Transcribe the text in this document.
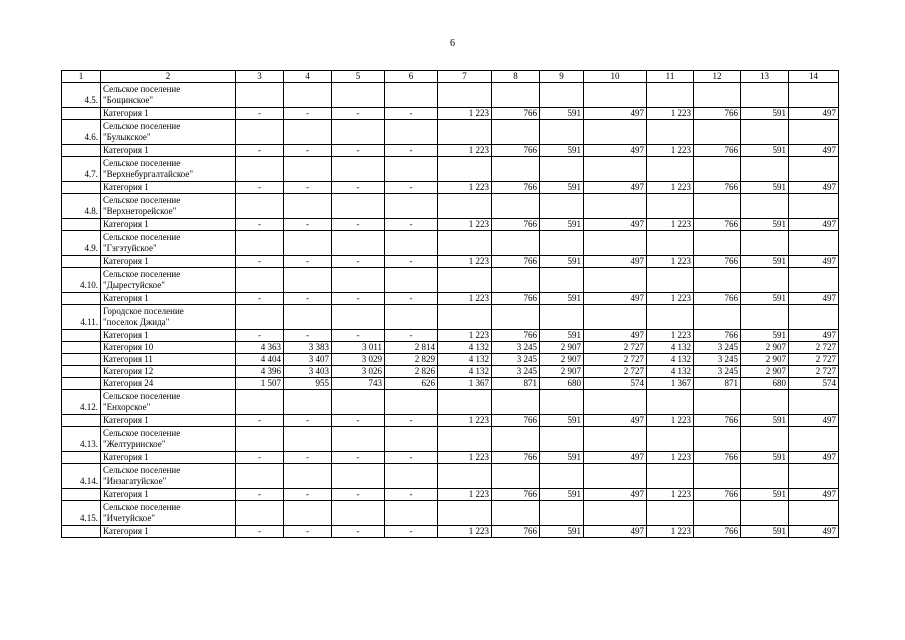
6
1	2	3	4	5	6	7	8	9	10	11	12	13	14
4.5.	Сельское поселение
"Бощинское"												

	Категория 1	-	-	-	-	1 223	766	591	497	1 223	766	591	497
4.6.	Сельское поселение
"Булыкское"												

	Категория 1	-	-	-	-	1 223	766	591	497	1 223	766	591	497
4.7.	Сельское поселение
"Верхнебургалтайское"												

	Категория 1	-	-	-	-	1 223	766	591	497	1 223	766	591	497
4.8.	Сельское поселение
"Верхнеторейское"												

	Категория 1	-	-	-	-	1 223	766	591	497	1 223	766	591	497
4.9.	Сельское поселение
"Гэгэтуйское"												

	Категория 1	-	-	-	-	1 223	766	591	497	1 223	766	591	497
4.10.	Сельское поселение
"Дырестуйское"												

	Категория 1	-	-	-	-	1 223	766	591	497	1 223	766	591	497
4.11.	Городское поселение
"поселок Джида"												

	Категория 1	-	-	-	-	1 223	766	591	497	1 223	766	591	497
	Категория 10	4 363	3 383	3 011	2 814	4 132	3 245	2 907	2 727	4 132	3 245	2 907	2 727
	Категория 11	4 404	3 407	3 029	2 829	4 132	3 245	2 907	2 727	4 132	3 245	2 907	2 727
	Категория 12	4 396	3 403	3 026	2 826	4 132	3 245	2 907	2 727	4 132	3 245	2 907	2 727
	Категория 24	1 507	955	743	626	1 367	871	680	574	1 367	871	680	574
4.12.	Сельское поселение
"Енхорское"												

	Категория 1	-	-	-	-	1 223	766	591	497	1 223	766	591	497
4.13.	Сельское поселение
"Желтуринское"												

	Категория 1	-	-	-	-	1 223	766	591	497	1 223	766	591	497
4.14.	Сельское поселение
"Инзагатуйское"												

	Категория 1	-	-	-	-	1 223	766	591	497	1 223	766	591	497
4.15.	Сельское поселение
"Ичетуйское"												

	Категория 1	-	-	-	-	1 223	766	591	497	1 223	766	591	497
